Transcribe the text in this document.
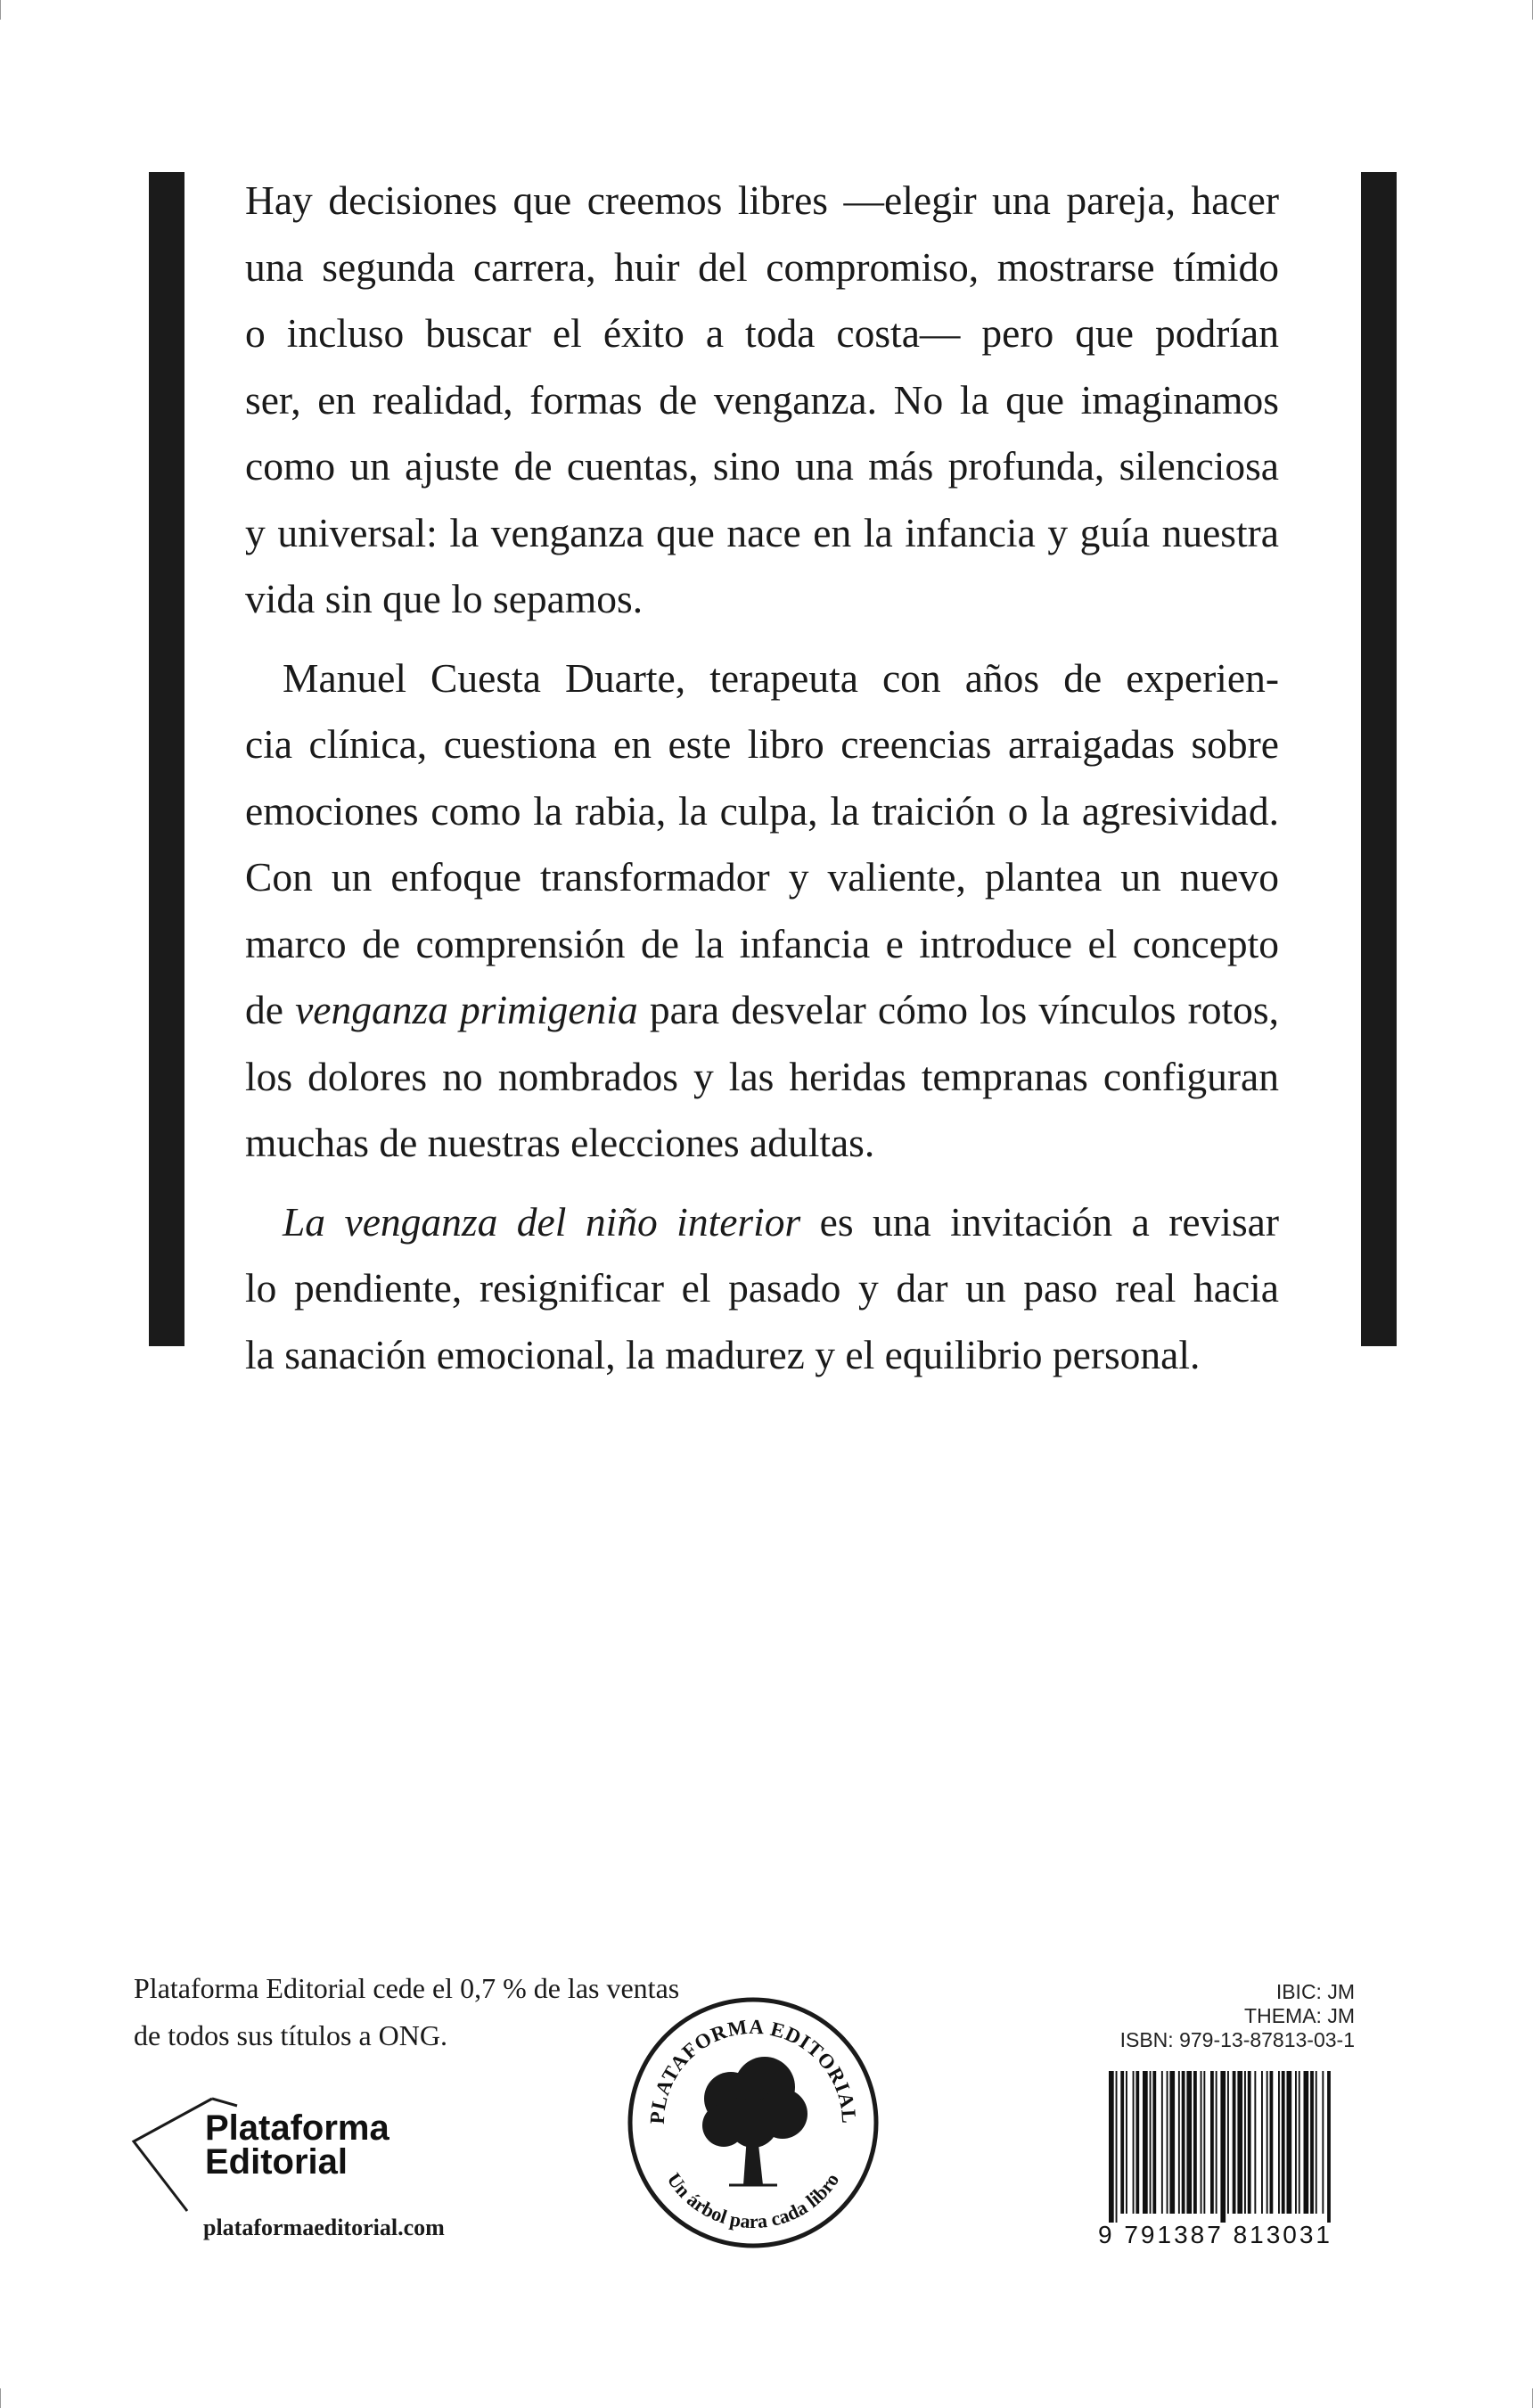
Hay decisiones que creemos libres —elegir una pareja, hacer
una segunda carrera, huir del compromiso, mostrarse tímido
o incluso buscar el éxito a toda costa— pero que podrían
ser, en realidad, formas de venganza. No la que imaginamos
como un ajuste de cuentas, sino una más profunda, silenciosa
y universal: la venganza que nace en la infancia y guía nuestra
vida sin que lo sepamos.

Manuel Cuesta Duarte, terapeuta con años de experien-
cia clínica, cuestiona en este libro creencias arraigadas sobre
emociones como la rabia, la culpa, la traición o la agresividad.
Con un enfoque transformador y valiente, plantea un nuevo
marco de comprensión de la infancia e introduce el concepto
de venganza primigenia para desvelar cómo los vínculos rotos,
los dolores no nombrados y las heridas tempranas configuran
muchas de nuestras elecciones adultas.

La venganza del niño interior es una invitación a revisar
lo pendiente, resignificar el pasado y dar un paso real hacia
la sanación emocional, la madurez y el equilibrio personal.

Plataforma Editorial cede el 0,7 % de las ventas
de todos sus títulos a ONG.
Plataforma
Editorial
plataformaeditorial.com
PLATAFORMA EDITORIAL
Un árbol para cada libro
IBIC: JM
THEMA: JM
ISBN: 979-13-87813-03-1
9 791387 813031
